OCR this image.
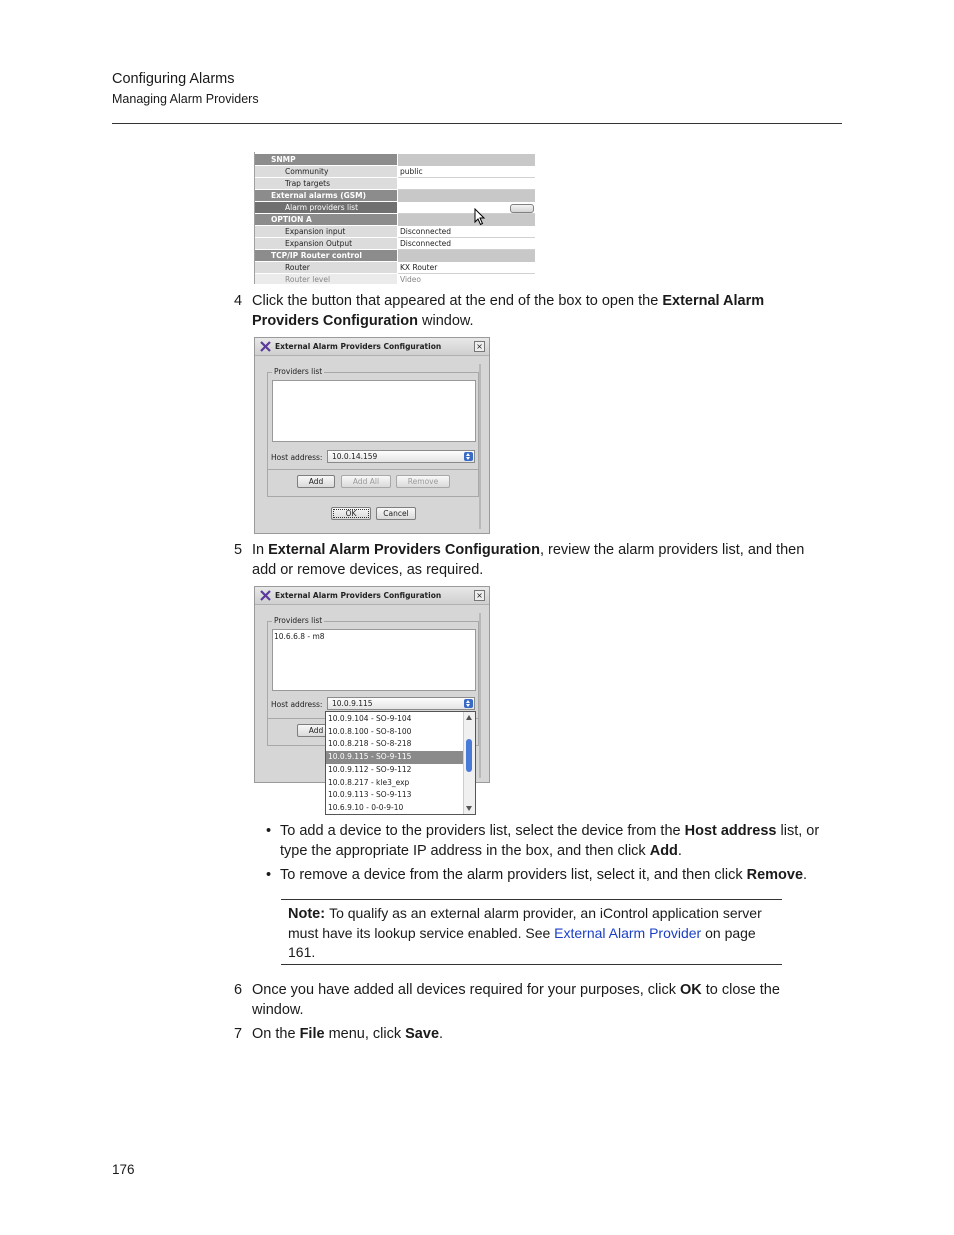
Configuring Alarms
Managing Alarm Providers
SNMP
Community	public
Trap targets
External alarms (GSM)
Alarm providers list
OPTION A
Expansion input	Disconnected
Expansion Output	Disconnected
TCP/IP Router control
Router	KX Router
Router level	Video
4 Click the button that appeared at the end of the box to open the External Alarm Providers Configuration window.
External Alarm Providers Configuration	×
Providers list
Host address:	10.0.14.159
Add	Add All	Remove
OK	Cancel
5 In External Alarm Providers Configuration, review the alarm providers list, and then add or remove devices, as required.
External Alarm Providers Configuration	×
Providers list
10.6.6.8 - m8
Host address:	10.0.9.115
Add
10.0.9.104 - SO-9-104
10.0.8.100 - SO-8-100
10.0.8.218 - SO-8-218
10.0.9.115 - SO-9-115
10.0.9.112 - SO-9-112
10.0.8.217 - kle3_exp
10.0.9.113 - SO-9-113
10.6.9.10 - 0-0-9-10
• To add a device to the providers list, select the device from the Host address list, or type the appropriate IP address in the box, and then click Add.
• To remove a device from the alarm providers list, select it, and then click Remove.
Note: To qualify as an external alarm provider, an iControl application server must have its lookup service enabled. See External Alarm Provider on page 161.
6 Once you have added all devices required for your purposes, click OK to close the window.
7 On the File menu, click Save.
176
